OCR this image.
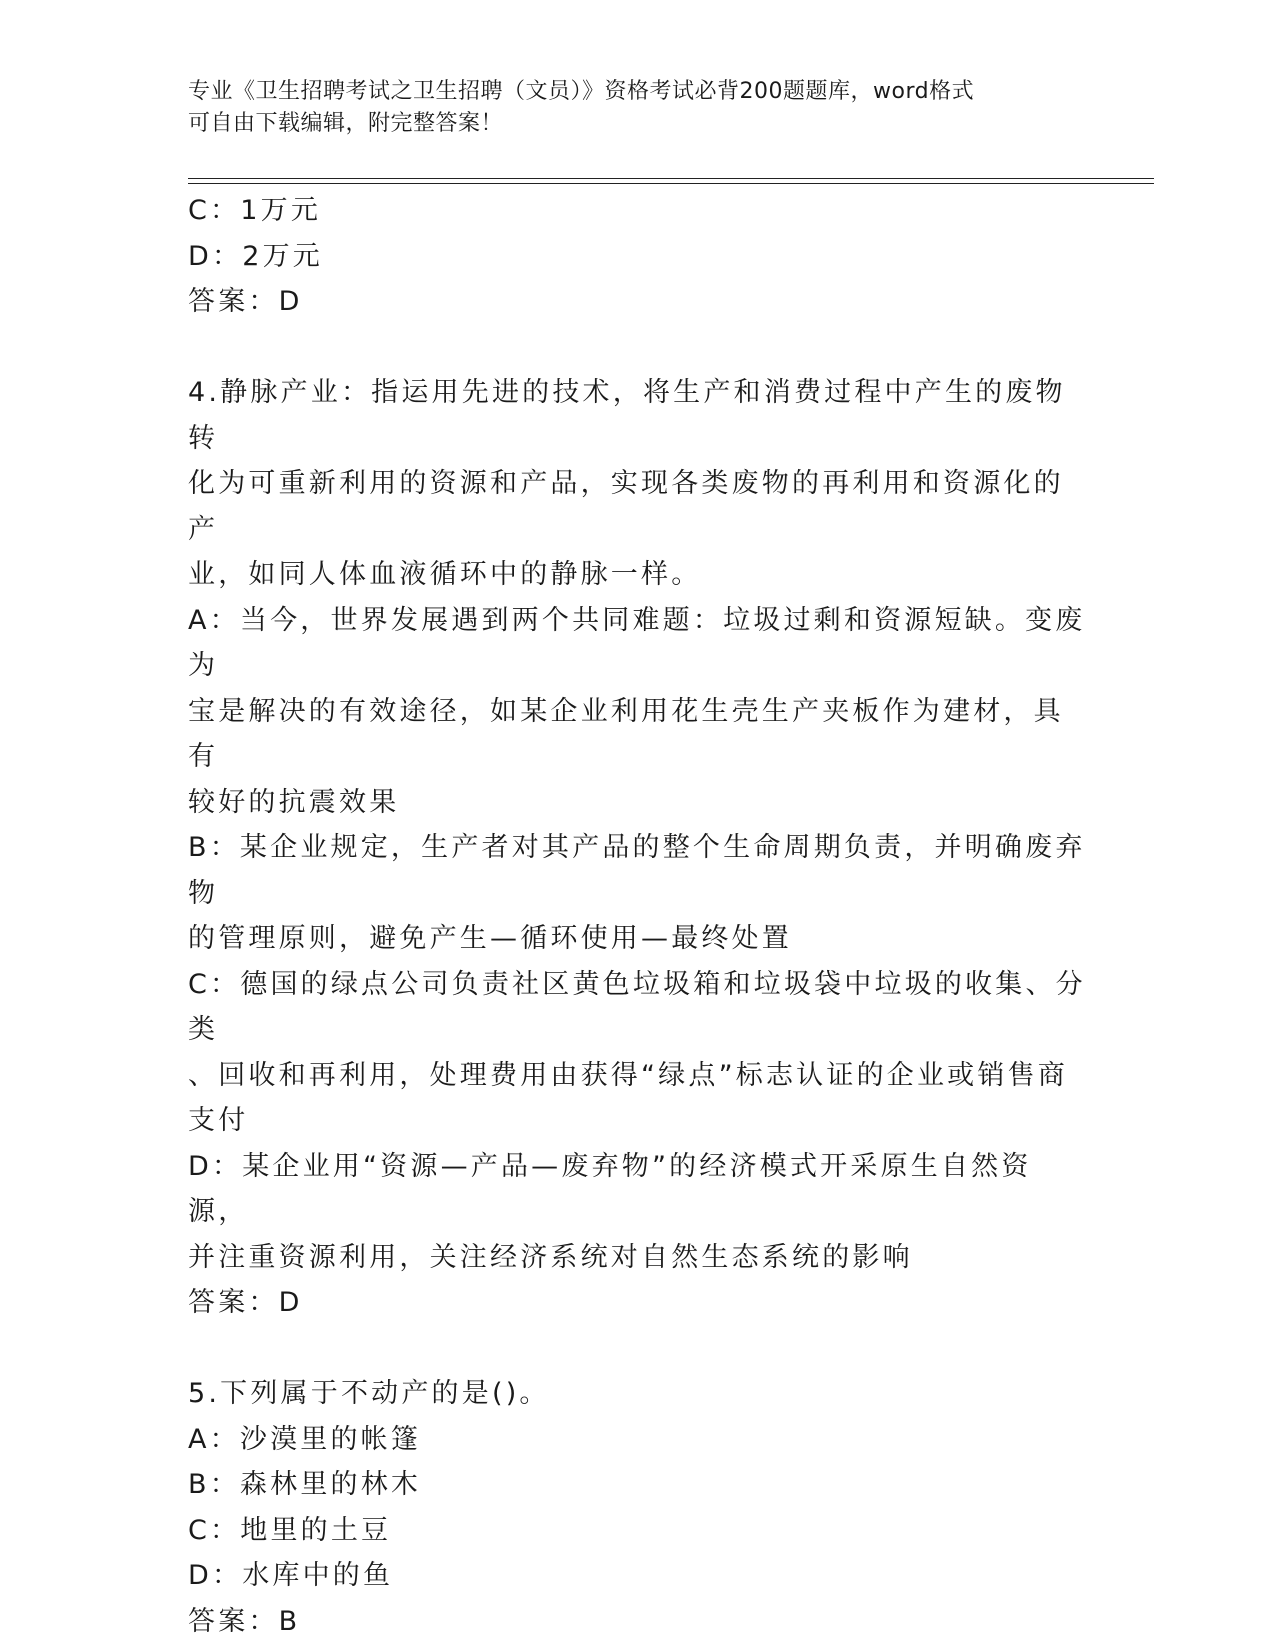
专业《卫生招聘考试之卫生招聘（文员）》资格考试必背200题题库，word格式
可自由下载编辑，附完整答案！

C：1万元

D：2万元

答案：D

4.静脉产业：指运用先进的技术，将生产和消费过程中产生的废物转

化为可重新利用的资源和产品，实现各类废物的再利用和资源化的产

业，如同人体血液循环中的静脉一样。

A：当今，世界发展遇到两个共同难题：垃圾过剩和资源短缺。变废为

宝是解决的有效途径，如某企业利用花生壳生产夹板作为建材，具有

较好的抗震效果

B：某企业规定，生产者对其产品的整个生命周期负责，并明确废弃物

的管理原则，避免产生—循环使用—最终处置

C：德国的绿点公司负责社区黄色垃圾箱和垃圾袋中垃圾的收集、分类

、回收和再利用，处理费用由获得“绿点”标志认证的企业或销售商

支付

D：某企业用“资源—产品—废弃物”的经济模式开采原生自然资源，

并注重资源利用，关注经济系统对自然生态系统的影响

答案：D

5.下列属于不动产的是()。

A：沙漠里的帐篷

B：森林里的林木

C：地里的土豆

D：水库中的鱼

答案：B
